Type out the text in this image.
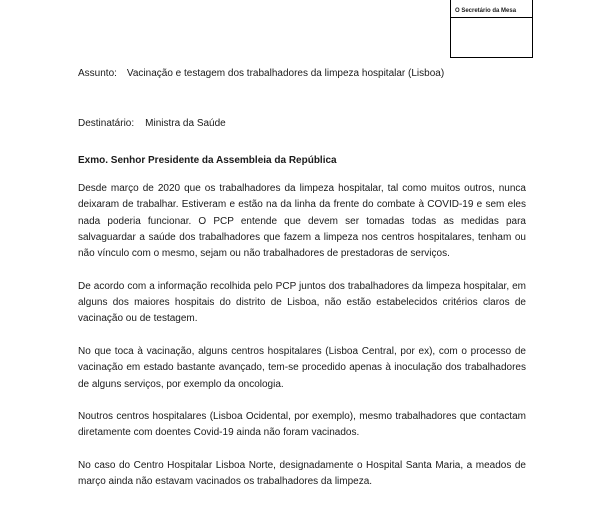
O Secretário da Mesa
Assunto: Vacinação e testagem dos trabalhadores da limpeza hospitalar (Lisboa)
Destinatário: Ministra da Saúde
Exmo. Senhor Presidente da Assembleia da República

Desde março de 2020 que os trabalhadores da limpeza hospitalar, tal como muitos outros, nunca deixaram de trabalhar. Estiveram e estão na da linha da frente do combate à COVID-19 e sem eles nada poderia funcionar. O PCP entende que devem ser tomadas todas as medidas para salvaguardar a saúde dos trabalhadores que fazem a limpeza nos centros hospitalares, tenham ou não vínculo com o mesmo, sejam ou não trabalhadores de prestadoras de serviços.

De acordo com a informação recolhida pelo PCP juntos dos trabalhadores da limpeza hospitalar, em alguns dos maiores hospitais do distrito de Lisboa, não estão estabelecidos critérios claros de vacinação ou de testagem.

No que toca à vacinação, alguns centros hospitalares (Lisboa Central, por ex), com o processo de vacinação em estado bastante avançado, tem-se procedido apenas à inoculação dos trabalhadores de alguns serviços, por exemplo da oncologia.

Noutros centros hospitalares (Lisboa Ocidental, por exemplo), mesmo trabalhadores que contactam diretamente com doentes Covid-19 ainda não foram vacinados.

No caso do Centro Hospitalar Lisboa Norte, designadamente o Hospital Santa Maria, a meados de março ainda não estavam vacinados os trabalhadores da limpeza.
